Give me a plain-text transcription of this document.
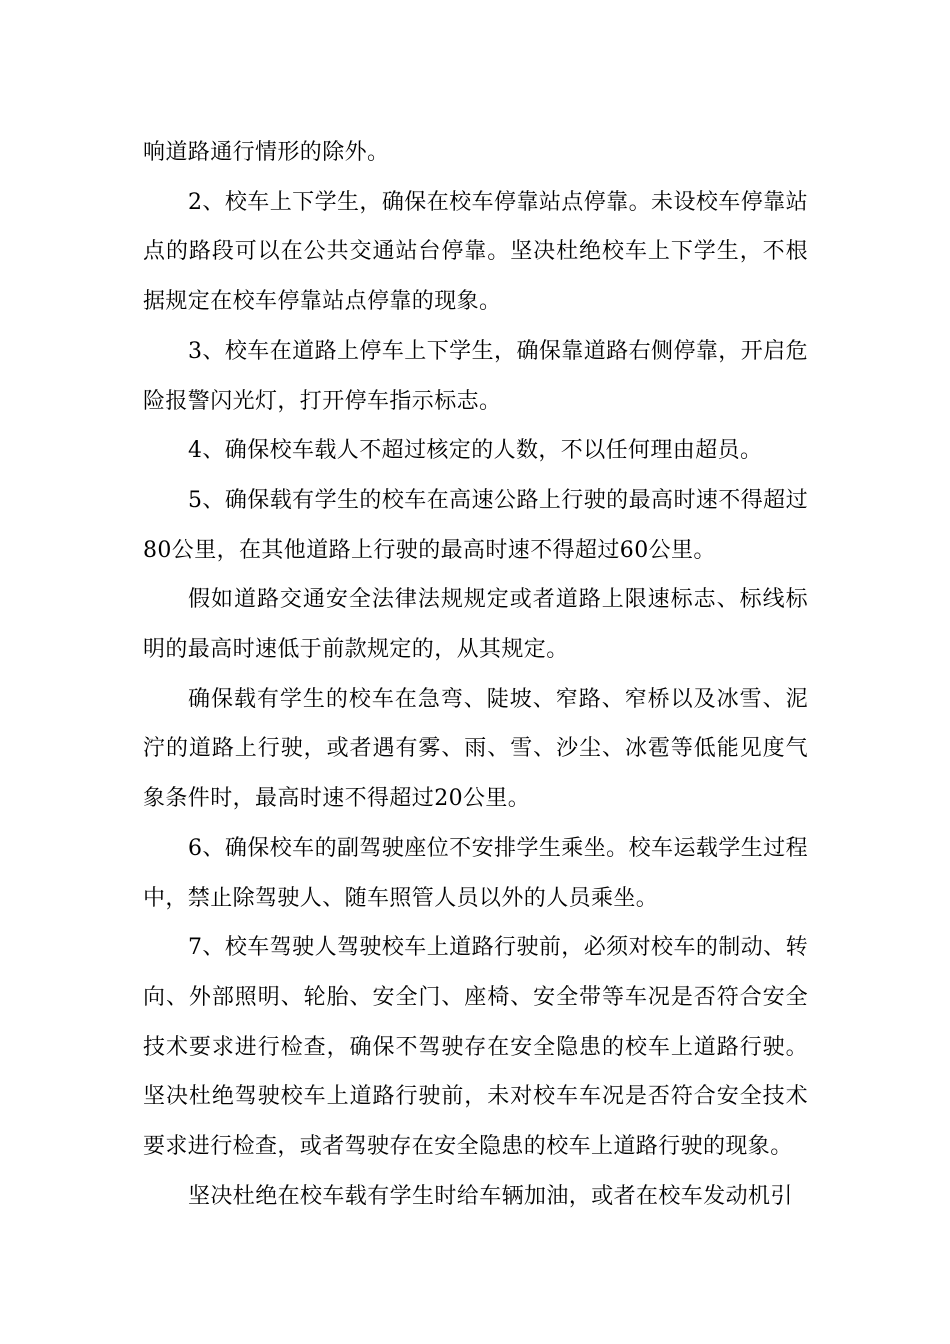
响道路通行情形的除外。

2、校车上下学生，确保在校车停靠站点停靠。未设校车停靠站点的路段可以在公共交通站台停靠。坚决杜绝校车上下学生，不根据规定在校车停靠站点停靠的现象。

3、校车在道路上停车上下学生，确保靠道路右侧停靠，开启危险报警闪光灯，打开停车指示标志。

4、确保校车载人不超过核定的人数，不以任何理由超员。

5、确保载有学生的校车在高速公路上行驶的最高时速不得超过80公里，在其他道路上行驶的最高时速不得超过60公里。

假如道路交通安全法律法规规定或者道路上限速标志、标线标明的最高时速低于前款规定的，从其规定。

确保载有学生的校车在急弯、陡坡、窄路、窄桥以及冰雪、泥泞的道路上行驶，或者遇有雾、雨、雪、沙尘、冰雹等低能见度气象条件时，最高时速不得超过20公里。

6、确保校车的副驾驶座位不安排学生乘坐。校车运载学生过程中，禁止除驾驶人、随车照管人员以外的人员乘坐。

7、校车驾驶人驾驶校车上道路行驶前，必须对校车的制动、转向、外部照明、轮胎、安全门、座椅、安全带等车况是否符合安全技术要求进行检查，确保不驾驶存在安全隐患的校车上道路行驶。坚决杜绝驾驶校车上道路行驶前，未对校车车况是否符合安全技术要求进行检查，或者驾驶存在安全隐患的校车上道路行驶的现象。

坚决杜绝在校车载有学生时给车辆加油，或者在校车发动机引
